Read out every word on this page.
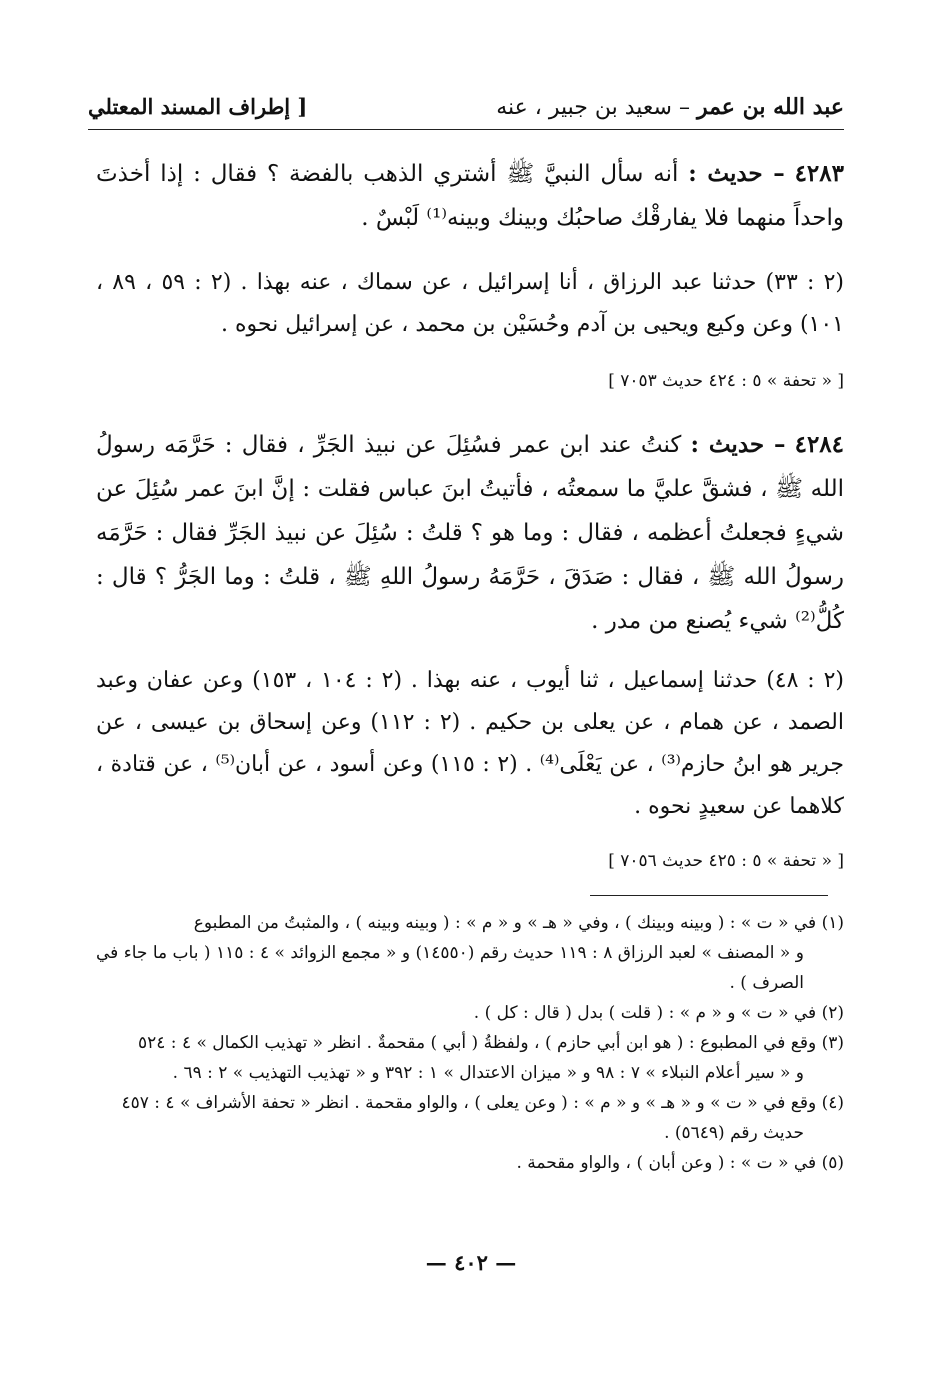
عبد الله بن عمر – سعيد بن جبير ، عنه
[ إطراف المسند المعتلي
٤٢٨٣ – حديث : أنه سأل النبيَّ ﷺ أشتري الذهب بالفضة ؟ فقال : إذا أخذتَ واحداً منهما فلا يفارقْك صاحبُك وبينك وبينه⁽¹⁾ لَبْسٌ .
(٢ : ٣٣) حدثنا عبد الرزاق ، أنا إسرائيل ، عن سماك ، عنه بهذا . (٢ : ٥٩ ، ٨٩ ، ١٠١) وعن وكيع ويحيى بن آدم وحُسَيْن بن محمد ، عن إسرائيل نحوه .
[ « تحفة » ٥ : ٤٢٤ حديث ٧٠٥٣ ]
٤٢٨٤ – حديث : كنتُ عند ابن عمر فسُئِلَ عن نبيذ الجَرِّ ، فقال : حَرَّمَه رسولُ الله ﷺ ، فشقَّ عليَّ ما سمعتُه ، فأتيتُ ابنَ عباس فقلت : إنَّ ابنَ عمر سُئِلَ عن شيءٍ فجعلتُ أعظمه ، فقال : وما هو ؟ قلتُ : سُئِلَ عن نبيذ الجَرِّ فقال : حَرَّمَه رسولُ الله ﷺ ، فقال : صَدَقَ ، حَرَّمَهُ رسولُ اللهِ ﷺ ، قلتُ : وما الجَرُّ ؟ قال : كُلُّ⁽²⁾ شيء يُصنع من مدر .
(٢ : ٤٨) حدثنا إسماعيل ، ثنا أيوب ، عنه بهذا . (٢ : ١٠٤ ، ١٥٣) وعن عفان وعبد الصمد ، عن همام ، عن يعلى بن حكيم . (٢ : ١١٢) وعن إسحاق بن عيسى ، عن جرير هو ابنُ حازم⁽³⁾ ، عن يَعْلَى⁽⁴⁾ . (٢ : ١١٥) وعن أسود ، عن أبان⁽⁵⁾ ، عن قتادة ، كلاهما عن سعيدٍ نحوه .
[ « تحفة » ٥ : ٤٢٥ حديث ٧٠٥٦ ]
(١) في « ت » : ( وبينه وبينك ) ، وفي « هـ » و « م » : ( وبينه وبينه ) ، والمثبتُ من المطبوع
و « المصنف » لعبد الرزاق ٨ : ١١٩ حديث رقم (١٤٥٥٠) و « مجمع الزوائد » ٤ : ١١٥ ( باب ما جاء في الصرف ) .
(٢) في « ت » و « م » : ( قلت ) بدل ( قال : كل ) .
(٣) وقع في المطبوع : ( هو ابن أبي حازم ) ، ولفظةُ ( أبي ) مقحمةٌ . انظر « تهذيب الكمال » ٤ : ٥٢٤
و « سير أعلام النبلاء » ٧ : ٩٨ و « ميزان الاعتدال » ١ : ٣٩٢ و « تهذيب التهذيب » ٢ : ٦٩ .
(٤) وقع في « ت » و « هـ » و « م » : ( وعن يعلى ) ، والواو مقحمة . انظر « تحفة الأشراف » ٤ : ٤٥٧
حديث رقم (٥٦٤٩) .
(٥) في « ت » : ( وعن أبان ) ، والواو مقحمة .
— ٤٠٢ —
